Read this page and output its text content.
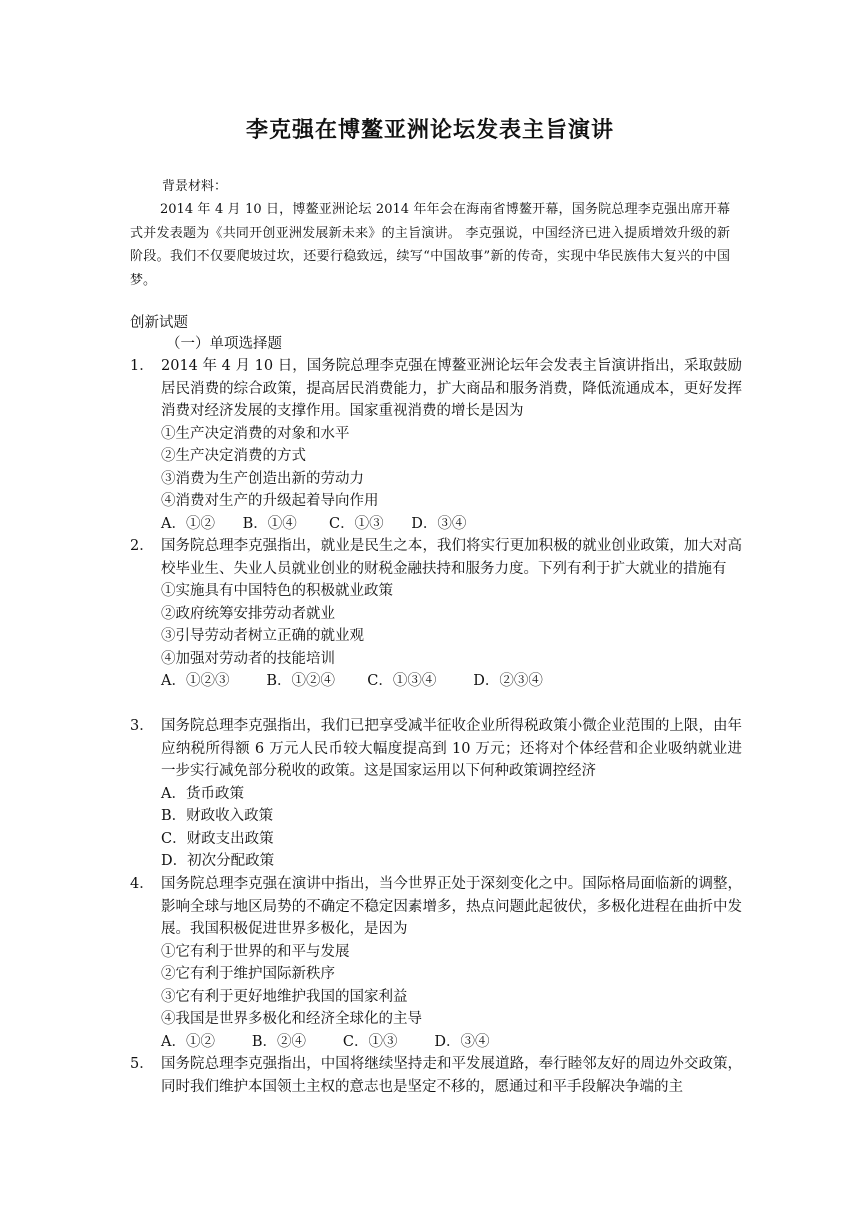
李克强在博鳌亚洲论坛发表主旨演讲
背景材料：
2014 年 4 月 10 日，博鳌亚洲论坛 2014 年年会在海南省博鳌开幕，国务院总理李克强出席开幕式并发表题为《共同开创亚洲发展新未来》的主旨演讲。 李克强说，中国经济已进入提质增效升级的新阶段。我们不仅要爬坡过坎，还要行稳致远，续写“中国故事”新的传奇，实现中华民族伟大复兴的中国梦。
创新试题
（一）单项选择题
1． 2014 年 4 月 10 日，国务院总理李克强在博鳌亚洲论坛年会发表主旨演讲指出，采取鼓励居民消费的综合政策，提高居民消费能力，扩大商品和服务消费，降低流通成本，更好发挥消费对经济发展的支撑作用。国家重视消费的增长是因为
①生产决定消费的对象和水平
②生产决定消费的方式
③消费为生产创造出新的劳动力
④消费对生产的升级起着导向作用
A．①②      B．①④       C．①③      D．③④
2． 国务院总理李克强指出，就业是民生之本，我们将实行更加积极的就业创业政策，加大对高校毕业生、失业人员就业创业的财税金融扶持和服务力度。下列有利于扩大就业的措施有
①实施具有中国特色的积极就业政策
②政府统筹安排劳动者就业
③引导劳动者树立正确的就业观
④加强对劳动者的技能培训
A．①②③        B．①②④       C．①③④        D．②③④
3． 国务院总理李克强指出，我们已把享受减半征收企业所得税政策小微企业范围的上限，由年应纳税所得额 6 万元人民币较大幅度提高到 10 万元；还将对个体经营和企业吸纳就业进一步实行减免部分税收的政策。这是国家运用以下何种政策调控经济
A．货币政策
B．财政收入政策
C．财政支出政策
D．初次分配政策
4． 国务院总理李克强在演讲中指出，当今世界正处于深刻变化之中。国际格局面临新的调整，影响全球与地区局势的不确定不稳定因素增多，热点问题此起彼伏，多极化进程在曲折中发展。我国积极促进世界多极化，是因为
①它有利于世界的和平与发展
②它有利于维护国际新秩序
③它有利于更好地维护我国的国家利益
④我国是世界多极化和经济全球化的主导
A．①②        B．②④        C．①③        D．③④
5． 国务院总理李克强指出，中国将继续坚持走和平发展道路，奉行睦邻友好的周边外交政策，同时我们维护本国领土主权的意志也是坚定不移的，愿通过和平手段解决争端的主
